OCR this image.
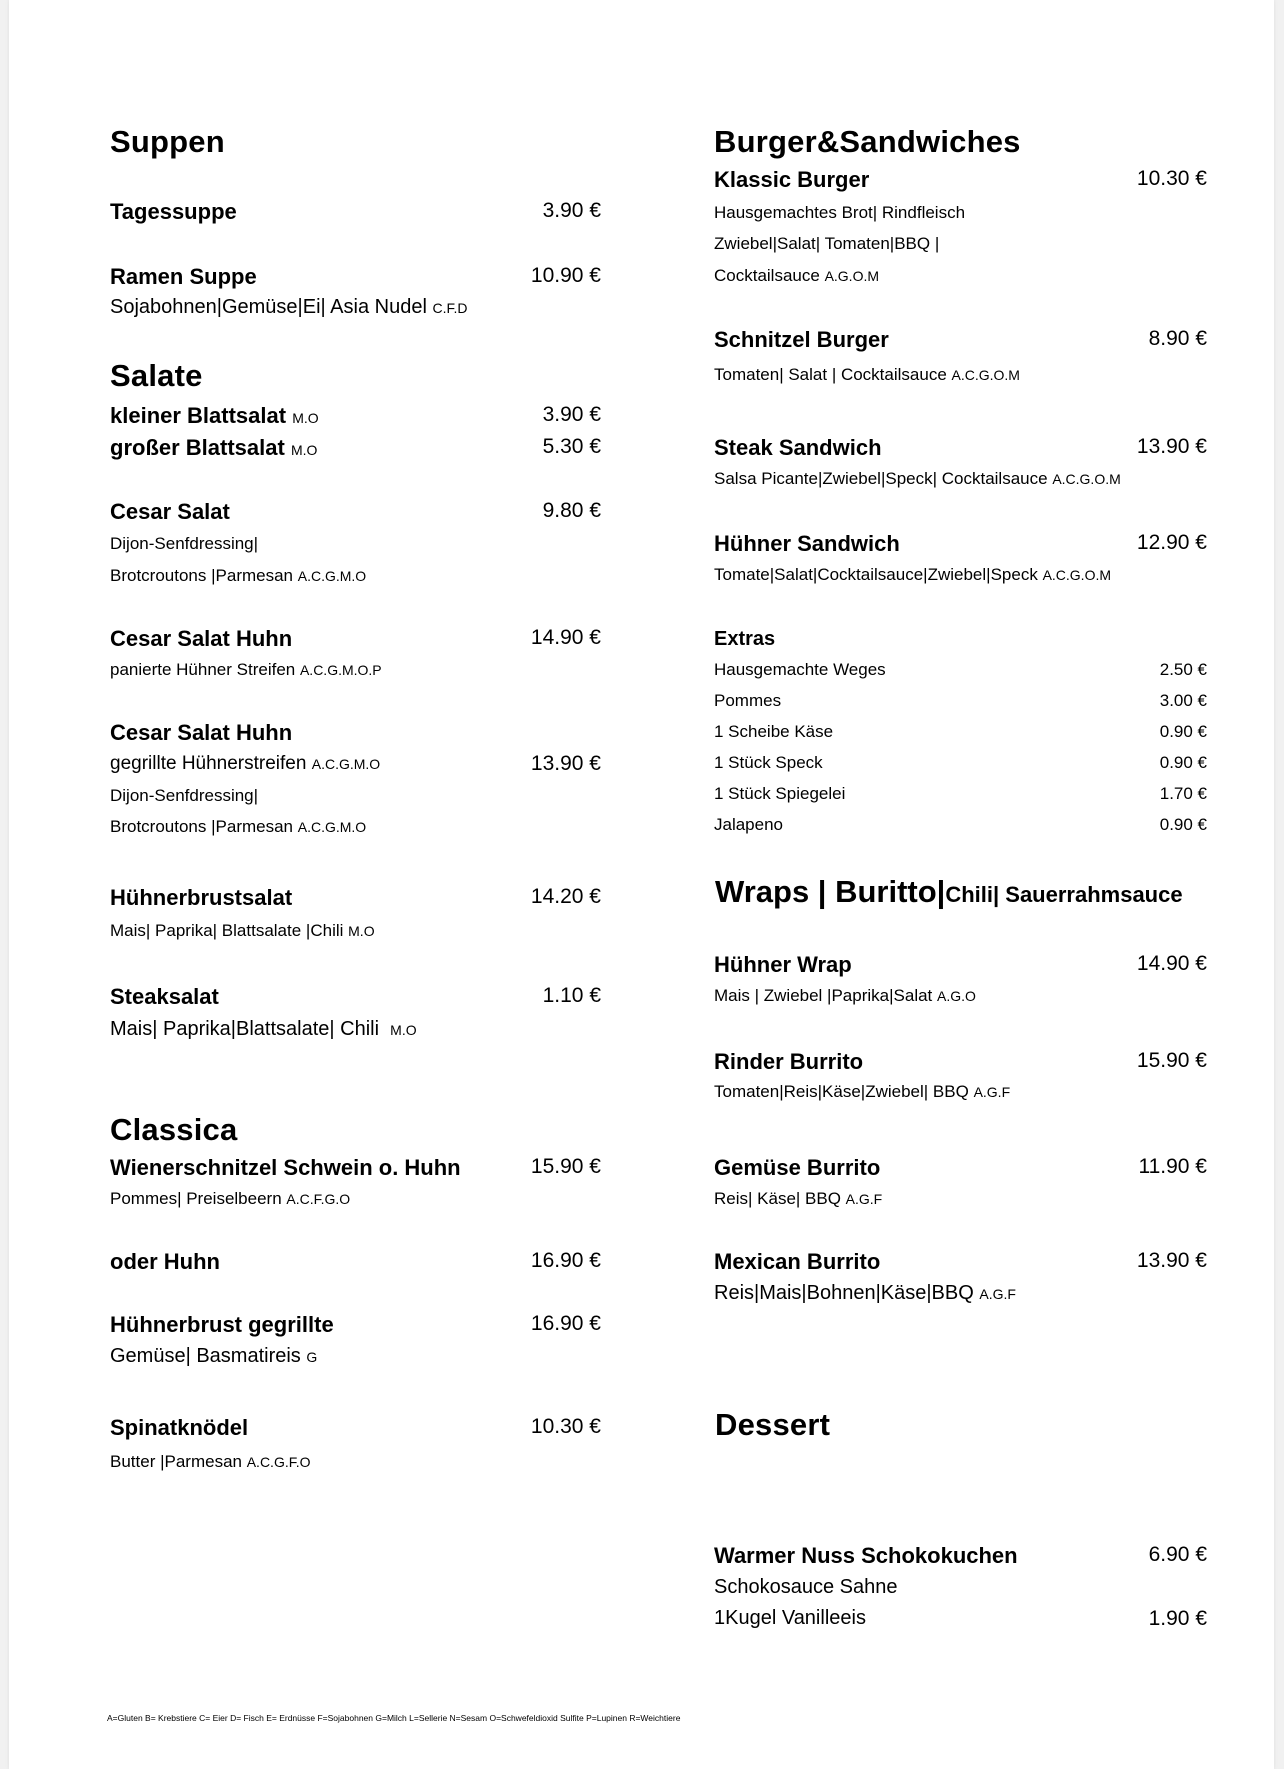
Suppen
Tagessuppe	3.90 €
Ramen Suppe	10.90 €
Sojabohnen|Gemüse|Ei| Asia Nudel C.F.D
Salate
kleiner Blattsalat M.O	3.90 €
großer Blattsalat M.O	5.30 €
Cesar Salat	9.80 €
Dijon-Senfdressing|
Brotcroutons |Parmesan A.C.G.M.O
Cesar Salat Huhn	14.90 €
panierte Hühner Streifen A.C.G.M.O.P
Cesar Salat Huhn
gegrillte Hühnerstreifen A.C.G.M.O	13.90 €
Dijon-Senfdressing|
Brotcroutons |Parmesan A.C.G.M.O
Hühnerbrustsalat	14.20 €
Mais| Paprika| Blattsalate |Chili M.O
Steaksalat	1.10 €
Mais| Paprika|Blattsalate| Chili M.O
Classica
Wienerschnitzel Schwein o. Huhn	15.90 €
Pommes| Preiselbeern A.C.F.G.O
oder Huhn	16.90 €
Hühnerbrust gegrillte	16.90 €
Gemüse| Basmatireis G
Spinatknödel	10.30 €
Butter |Parmesan A.C.G.F.O
Burger&Sandwiches
Klassic Burger	10.30 €
Hausgemachtes Brot| Rindfleisch
Zwiebel|Salat| Tomaten|BBQ |
Cocktailsauce A.G.O.M
Schnitzel Burger	8.90 €
Tomaten| Salat | Cocktailsauce A.C.G.O.M
Steak Sandwich	13.90 €
Salsa Picante|Zwiebel|Speck| Cocktailsauce A.C.G.O.M
Hühner Sandwich	12.90 €
Tomate|Salat|Cocktailsauce|Zwiebel|Speck A.C.G.O.M
Extras
Hausgemachte Weges	2.50 €
Pommes	3.00 €
1 Scheibe Käse	0.90 €
1 Stück Speck	0.90 €
1 Stück Spiegelei	1.70 €
Jalapeno	0.90 €
Wraps | Buritto|Chili| Sauerrahmsauce
Hühner Wrap	14.90 €
Mais | Zwiebel |Paprika|Salat A.G.O
Rinder Burrito	15.90 €
Tomaten|Reis|Käse|Zwiebel| BBQ A.G.F
Gemüse Burrito	11.90 €
Reis| Käse| BBQ A.G.F
Mexican Burrito	13.90 €
Reis|Mais|Bohnen|Käse|BBQ A.G.F
Dessert
Warmer Nuss Schokokuchen	6.90 €
Schokosauce Sahne
1Kugel Vanilleeis	1.90 €
A=Gluten B= Krebstiere C= Eier D= Fisch E= Erdnüsse F=Sojabohnen G=Milch L=Sellerie N=Sesam O=Schwefeldioxid Sulfite P=Lupinen R=Weichtiere
